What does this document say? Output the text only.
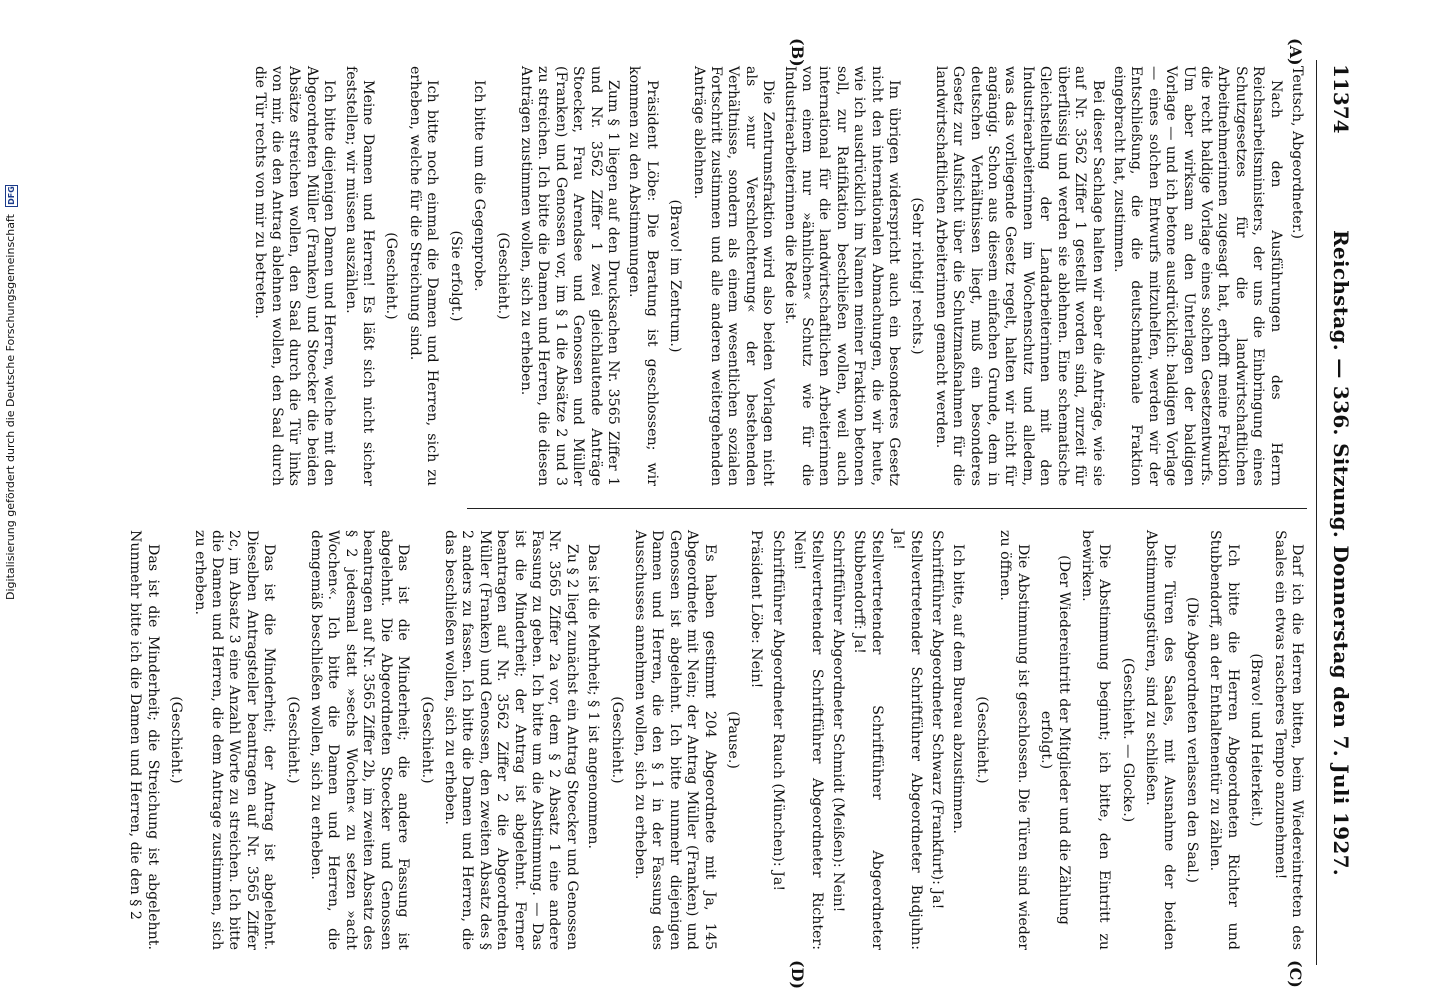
Digitalisierung gefördert durch die Deutsche Forschungsgemeinschaft DFG
11374
Reichstag. — 336. Sitzung. Donnerstag den 7. Juli 1927.
(A)
(B)
(C)
(D)

Teutsch, Abgeordneter.)

Nach den Ausführungen des Herrn Reichsarbeitsministers, der uns die Einbringung eines Schutzgesetzes für die landwirtschaftlichen Arbeitnehmerinnen zugesagt hat, erhofft meine Fraktion die recht baldige Vorlage eines solchen Gesetzentwurfs. Um aber wirksam an den Unterlagen der baldigen Vorlage — und ich betone ausdrücklich: baldigen Vorlage — eines solchen Entwurfs mitzuhelfen, werden wir der Entschließung, die die deutschnationale Fraktion eingebracht hat, zustimmen.

Bei dieser Sachlage halten wir aber die Anträge, wie sie auf Nr. 3562 Ziffer 1 gestellt worden sind, zurzeit für überflüssig und werden sie ablehnen. Eine schematische Gleichstellung der Landarbeiterinnen mit den Industriearbeiterinnen im Wochenschutz und alledem, was das vorliegende Gesetz regelt, halten wir nicht für angängig. Schon aus diesem einfachen Grunde, dem in deutschen Verhältnissen liegt, muß ein besonderes Gesetz zur Aufsicht über die Schutzmaßnahmen für die landwirtschaftlichen Arbeiterinnen gemacht werden.

(Sehr richtig! rechts.)

Im übrigen widerspricht auch ein besonderes Gesetz nicht den internationalen Abmachungen, die wir heute, wie ich ausdrücklich im Namen meiner Fraktion betonen soll, zur Ratifikation beschließen wollen, weil auch international für die landwirtschaftlichen Arbeiterinnen von einem nur »ähnlichen« Schutz wie für die Industriearbeiterinnen die Rede ist.

Die Zentrumsfraktion wird also beiden Vorlagen nicht als »nur Verschlechterung« der bestehenden Verhältnisse, sondern als einem wesentlichen sozialen Fortschritt zustimmen und alle anderen weitergehenden Anträge ablehnen.

(Bravo! im Zentrum.)

Präsident Löbe: Die Beratung ist geschlossen; wir kommen zu den Abstimmungen.

Zum § 1 liegen auf den Drucksachen Nr. 3565 Ziffer 1 und Nr. 3562 Ziffer 1 zwei gleichlautende Anträge Stoecker, Frau Arendsee und Genossen und Müller (Franken) und Genossen vor, im § 1 die Absätze 2 und 3 zu streichen. Ich bitte die Damen und Herren, die diesen Anträgen zustimmen wollen, sich zu erheben.

(Geschieht.)

Ich bitte um die Gegenprobe.

(Sie erfolgt.)

Ich bitte noch einmal die Damen und Herren, sich zu erheben, welche für die Streichung sind.

(Geschieht.)

Meine Damen und Herren! Es läßt sich nicht sicher feststellen; wir müssen auszählen.

Ich bitte diejenigen Damen und Herren, welche mit den Abgeordneten Müller (Franken) und Stoecker die beiden Absätze streichen wollen, den Saal durch die Tür links von mir, die den Antrag ablehnen wollen, den Saal durch die Tür rechts von mir zu betreten.

Darf ich die Herren bitten, beim Wiedereintreten des Saales ein etwas rascheres Tempo anzunehmen!

(Bravo! und Heiterkeit.)

Ich bitte die Herren Abgeordneten Richter und Stubbendorff, an der Enthaltenentür zu zählen.

(Die Abgeordneten verlassen den Saal.)

Die Türen des Saales, mit Ausnahme der beiden Abstimmungstüren, sind zu schließen.

(Geschieht. — Glocke.)

Die Abstimmung beginnt; ich bitte, den Eintritt zu bewirken.

(Der Wiedereintritt der Mitglieder und die Zählung erfolgt.)

Die Abstimmung ist geschlossen. Die Türen sind wieder zu öffnen.

(Geschieht.)

Ich bitte, auf dem Bureau abzustimmen.

Schriftführer Abgeordneter Schwarz (Frankfurt): Ja!

Stellvertretender Schriftführer Abgeordneter Budjuhn: Ja!

Stellvertretender Schriftführer Abgeordneter Stubbendorff: Ja!

Schriftführer Abgeordneter Schmidt (Meißen): Nein!

Stellvertretender Schriftführer Abgeordneter Richter: Nein!

Schriftführer Abgeordneter Rauch (München): Ja!

Präsident Löbe: Nein!

(Pause.)

Es haben gestimmt 204 Abgeordnete mit Ja, 145 Abgeordnete mit Nein; der Antrag Müller (Franken) und Genossen ist abgelehnt. Ich bitte nunmehr diejenigen Damen und Herren, die den § 1 in der Fassung des Ausschusses annehmen wollen, sich zu erheben.

(Geschieht.)

Das ist die Mehrheit; § 1 ist angenommen.

Zu § 2 liegt zunächst ein Antrag Stoecker und Genossen Nr. 3565 Ziffer 2a vor, dem § 2 Absatz 1 eine andere Fassung zu geben. Ich bitte um die Abstimmung. — Das ist die Minderheit; der Antrag ist abgelehnt. Ferner beantragen auf Nr. 3562 Ziffer 2 die Abgeordneten Müller (Franken) und Genossen, den zweiten Absatz des § 2 anders zu fassen. Ich bitte die Damen und Herren, die das beschließen wollen, sich zu erheben.

(Geschieht.)

Das ist die Minderheit; die andere Fassung ist abgelehnt. Die Abgeordneten Stoecker und Genossen beantragen auf Nr. 3565 Ziffer 2b, im zweiten Absatz des § 2 jedesmal statt »sechs Wochen« zu setzen »acht Wochen«. Ich bitte die Damen und Herren, die demgemäß beschließen wollen, sich zu erheben.

(Geschieht.)

Das ist die Minderheit; der Antrag ist abgelehnt. Dieselben Antragsteller beantragen auf Nr. 3565 Ziffer 2c, im Absatz 3 eine Anzahl Worte zu streichen. Ich bitte die Damen und Herren, die dem Antrage zustimmen, sich zu erheben.

(Geschieht.)

Das ist die Minderheit; die Streichung ist abgelehnt. Nunmehr bitte ich die Damen und Herren, die den § 2
